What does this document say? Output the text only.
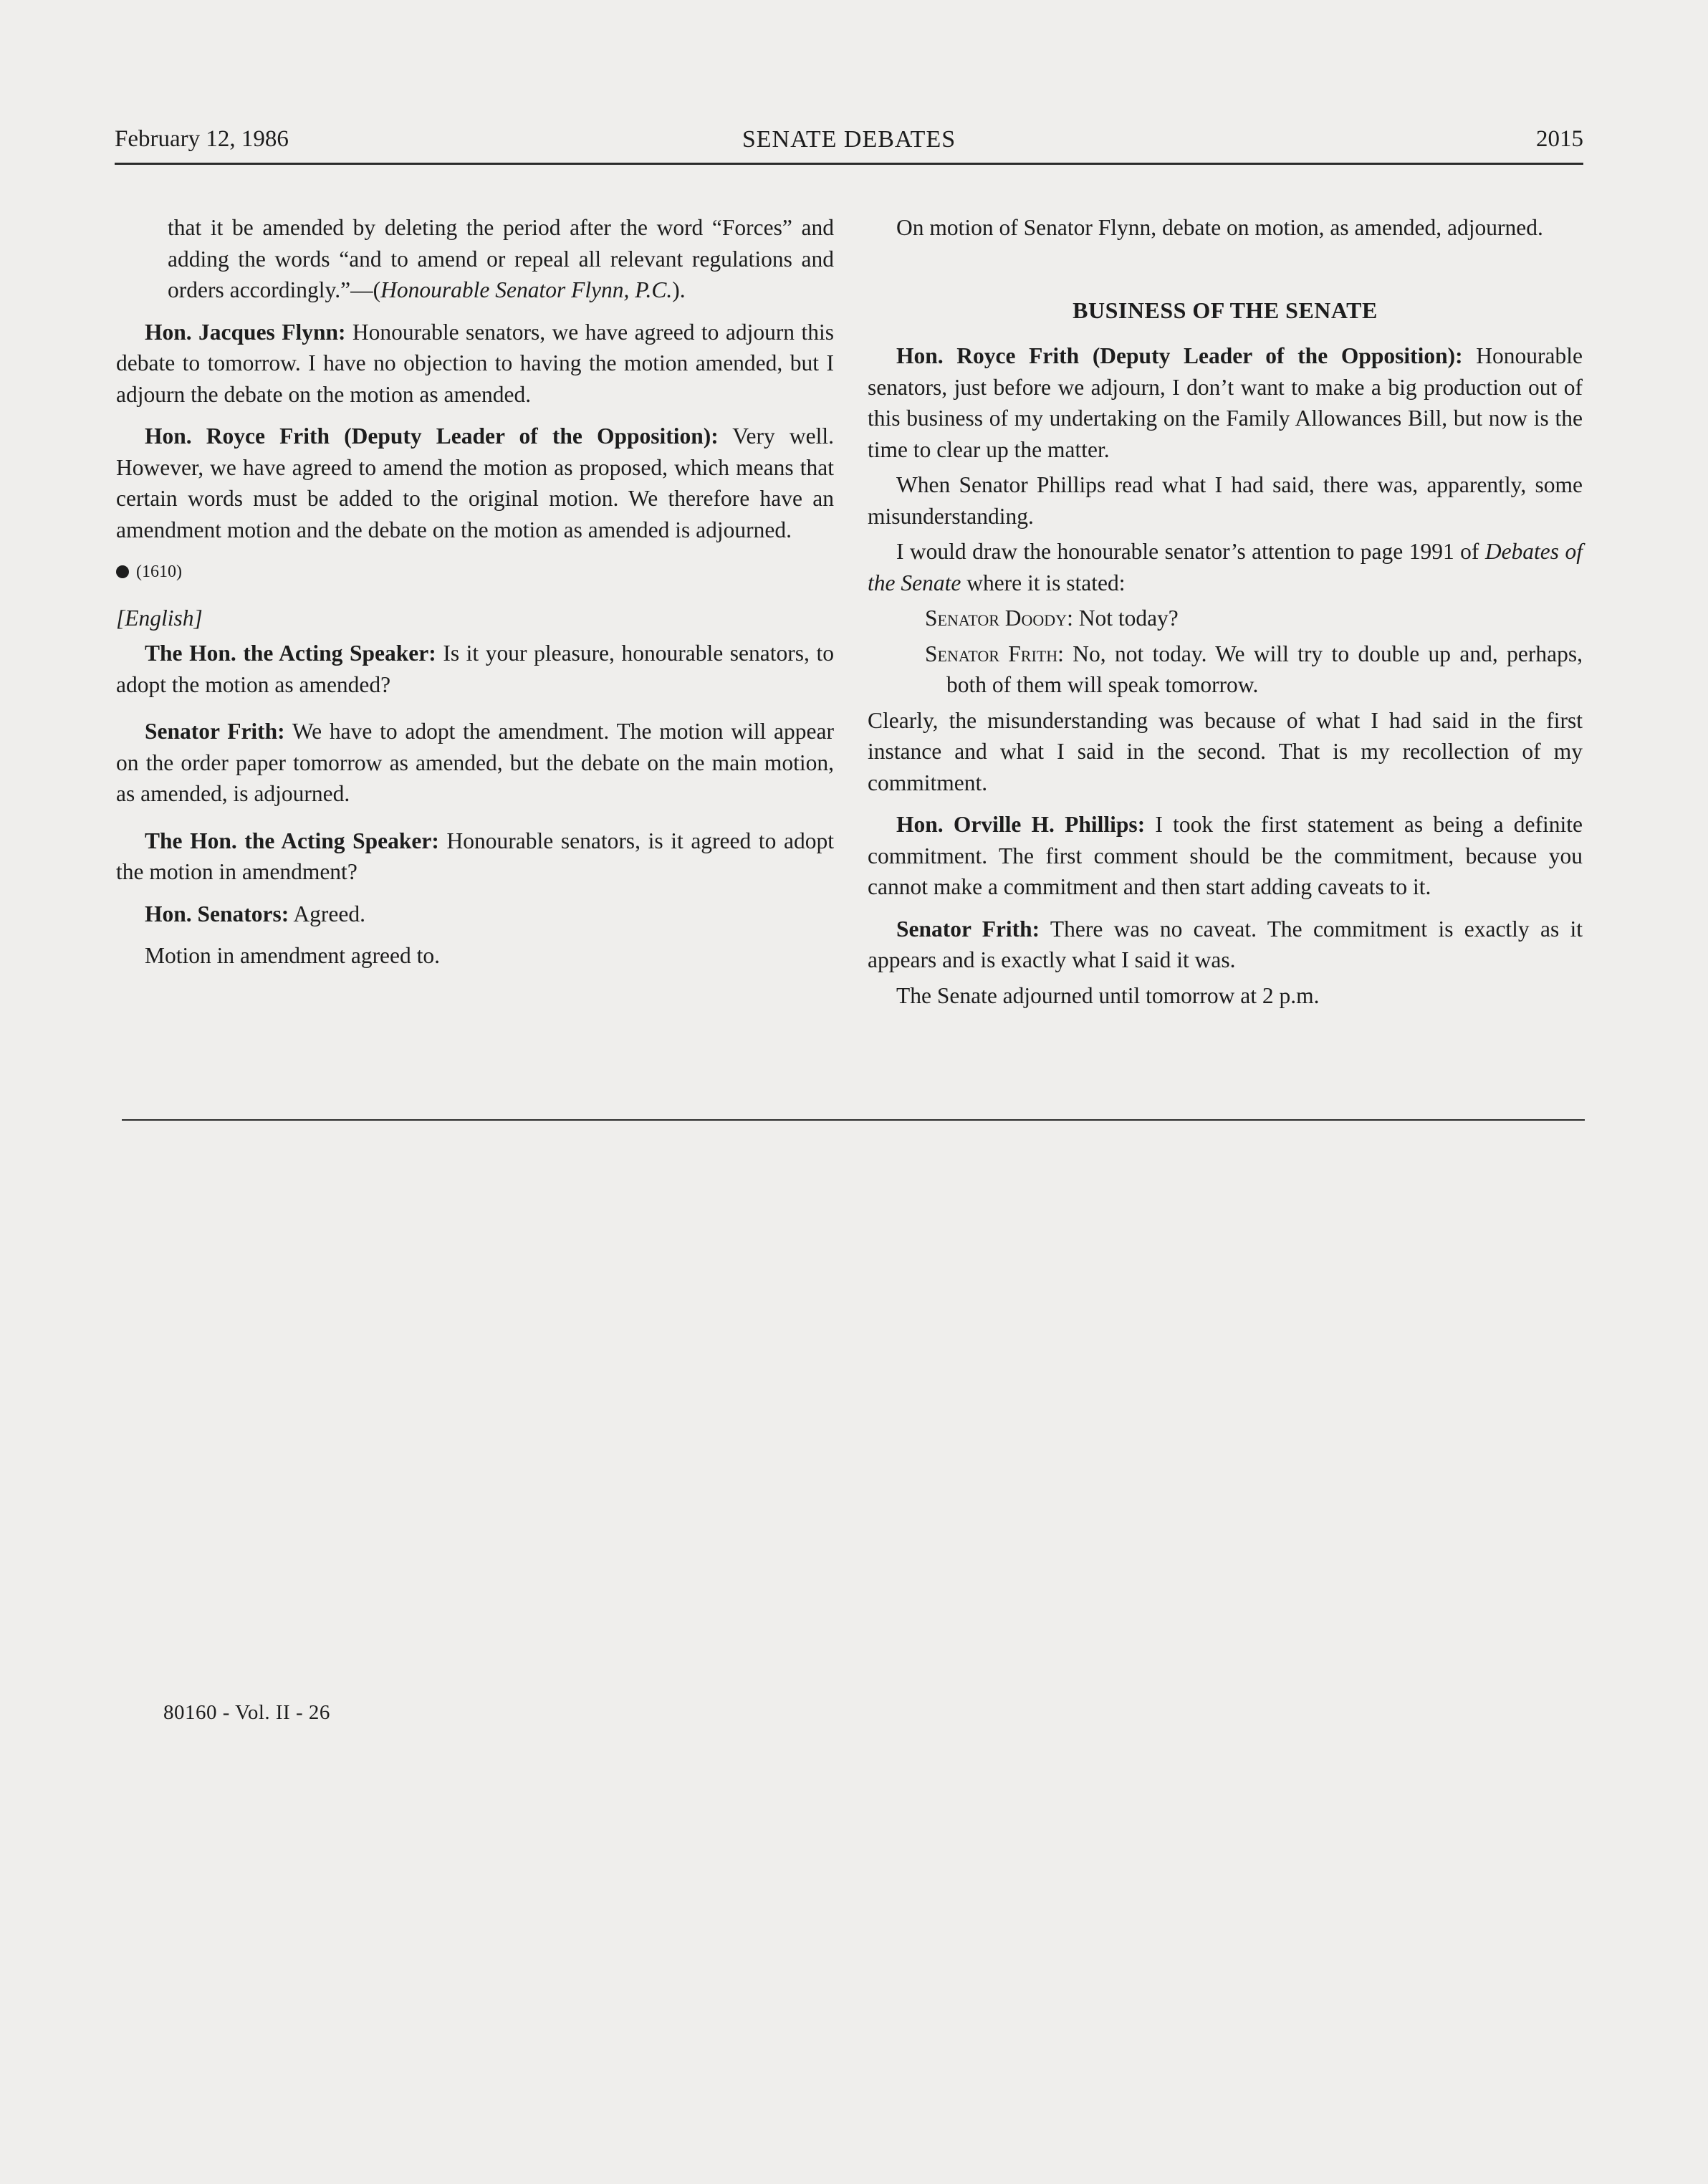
February 12, 1986	SENATE DEBATES	2015

that it be amended by deleting the period after the word “Forces” and adding the words “and to amend or repeal all relevant regulations and orders accordingly.”—(Honourable Senator Flynn, P.C.).

Hon. Jacques Flynn: Honourable senators, we have agreed to adjourn this debate to tomorrow. I have no objection to having the motion amended, but I adjourn the debate on the motion as amended.

Hon. Royce Frith (Deputy Leader of the Opposition): Very well. However, we have agreed to amend the motion as proposed, which means that certain words must be added to the original motion. We therefore have an amendment motion and the debate on the motion as amended is adjourned.

(1610)
[English]

The Hon. the Acting Speaker: Is it your pleasure, honourable senators, to adopt the motion as amended?

Senator Frith: We have to adopt the amendment. The motion will appear on the order paper tomorrow as amended, but the debate on the main motion, as amended, is adjourned.

The Hon. the Acting Speaker: Honourable senators, is it agreed to adopt the motion in amendment?

Hon. Senators: Agreed.

Motion in amendment agreed to.

On motion of Senator Flynn, debate on motion, as amended, adjourned.

BUSINESS OF THE SENATE

Hon. Royce Frith (Deputy Leader of the Opposition): Honourable senators, just before we adjourn, I don’t want to make a big production out of this business of my undertaking on the Family Allowances Bill, but now is the time to clear up the matter.

When Senator Phillips read what I had said, there was, apparently, some misunderstanding.

I would draw the honourable senator’s attention to page 1991 of Debates of the Senate where it is stated:

Senator Doody: Not today?

Senator Frith: No, not today. We will try to double up and, perhaps, both of them will speak tomorrow.

Clearly, the misunderstanding was because of what I had said in the first instance and what I said in the second. That is my recollection of my commitment.

Hon. Orville H. Phillips: I took the first statement as being a definite commitment. The first comment should be the commitment, because you cannot make a commitment and then start adding caveats to it.

Senator Frith: There was no caveat. The commitment is exactly as it appears and is exactly what I said it was.

The Senate adjourned until tomorrow at 2 p.m.

80160 - Vol. II - 26
